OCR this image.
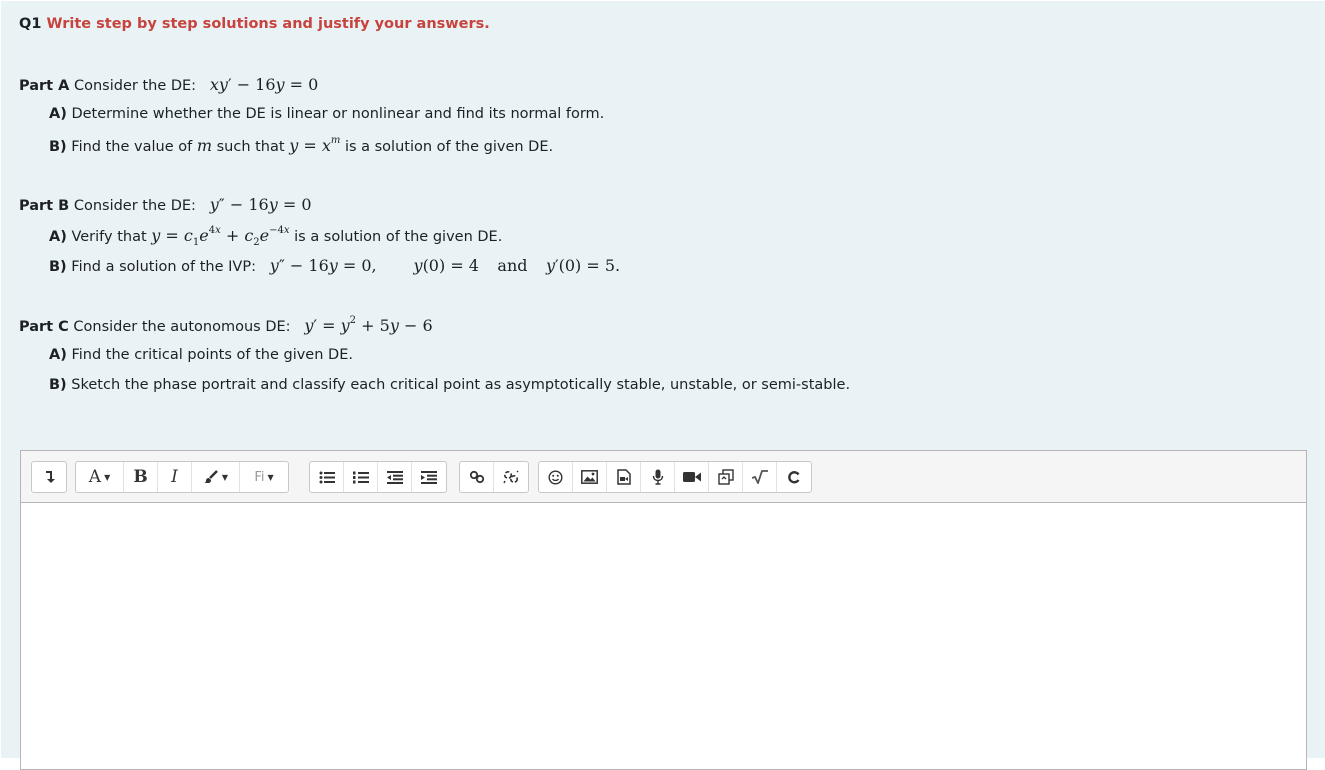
Q1 Write step by step solutions and justify your answers.
Part A Consider the DE: xy′ − 16y = 0
A) Determine whether the DE is linear or nonlinear and find its normal form.
B) Find the value of m such that $y = x^m$ is a solution of the given DE.
Part B Consider the DE: y″ − 16y = 0
A) Verify that $y = c_1e^{4x} + c_2e^{-4x}$ is a solution of the given DE.
B) Find a solution of the IVP: y″ − 16y = 0, y(0) = 4 and y′(0) = 5.
Part C Consider the autonomous DE: $y' = y^2 + 5y - 6$
A) Find the critical points of the given DE.
B) Sketch the phase portrait and classify each critical point as asymptotically stable, unstable, or semi-stable.
A ▼ B I	▼ Fi ▼
